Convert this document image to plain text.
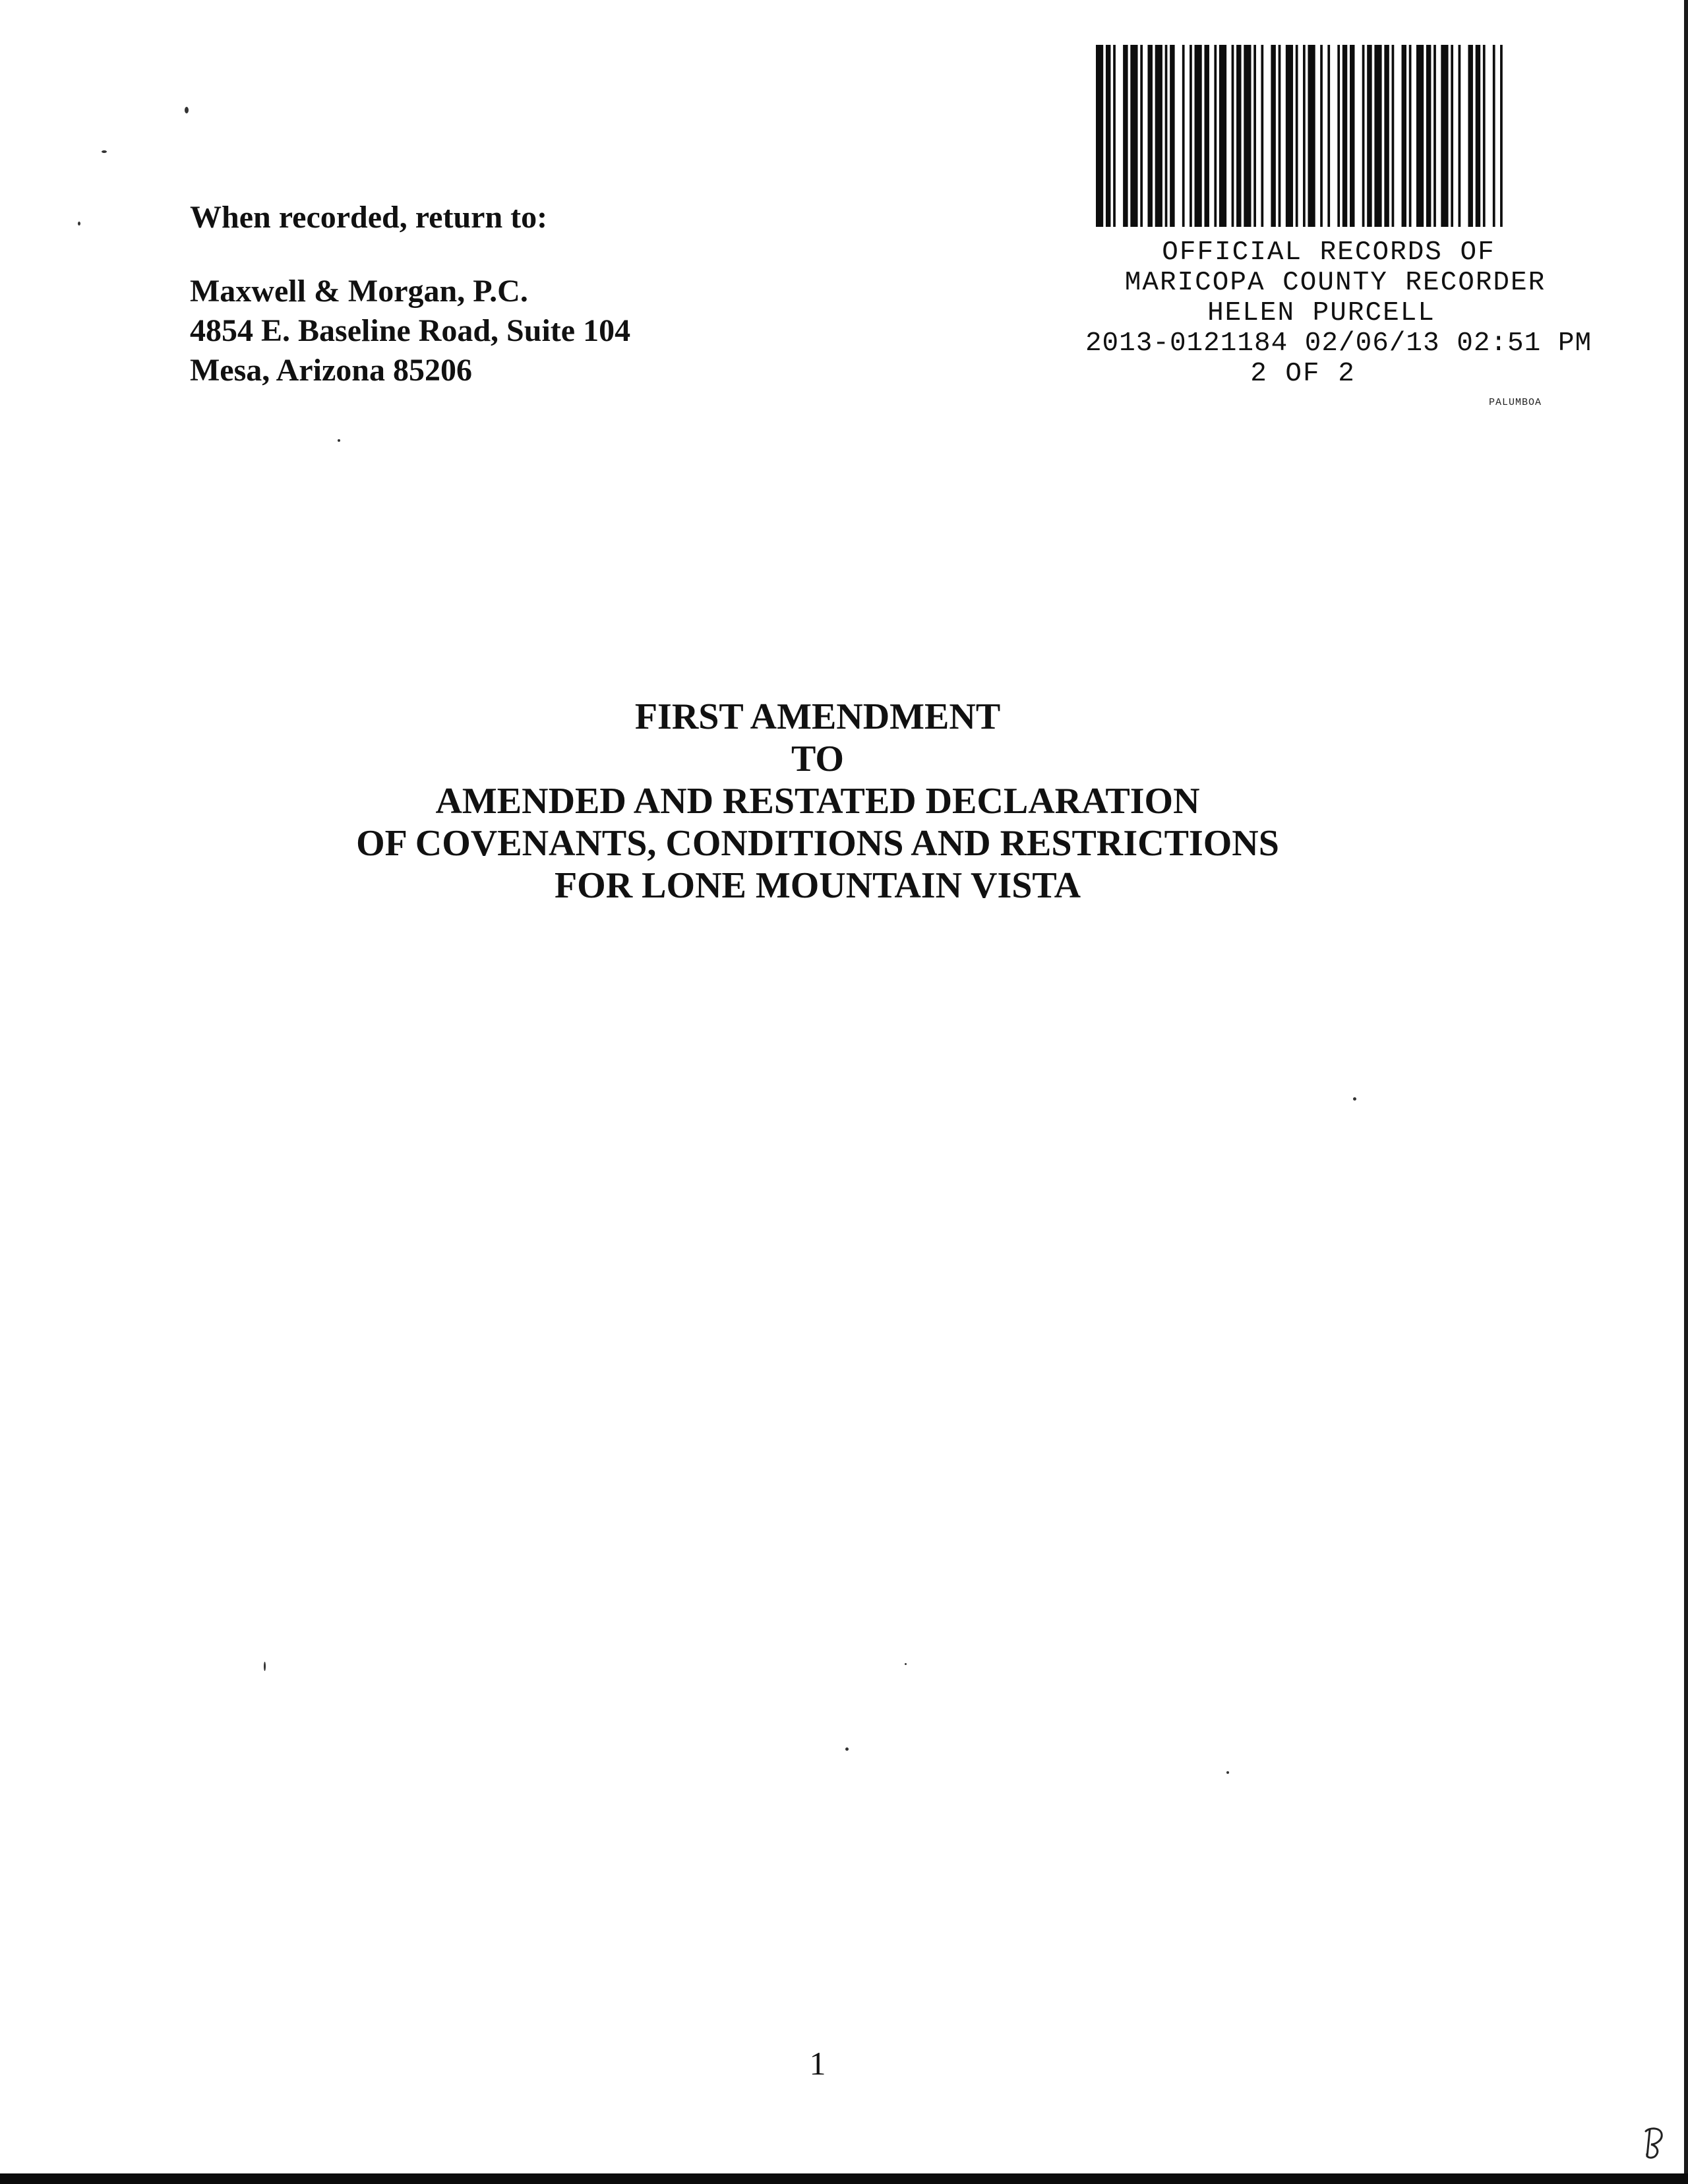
When recorded, return to:

Maxwell & Morgan, P.C.

4854 E. Baseline Road, Suite 104

Mesa, Arizona 85206

OFFICIAL RECORDS OF

MARICOPA COUNTY RECORDER

HELEN PURCELL

2013-0121184 02/06/13 02:51 PM

2 OF 2

PALUMBOA

FIRST AMENDMENT

TO

AMENDED AND RESTATED DECLARATION

OF COVENANTS, CONDITIONS AND RESTRICTIONS

FOR LONE MOUNTAIN VISTA

1
